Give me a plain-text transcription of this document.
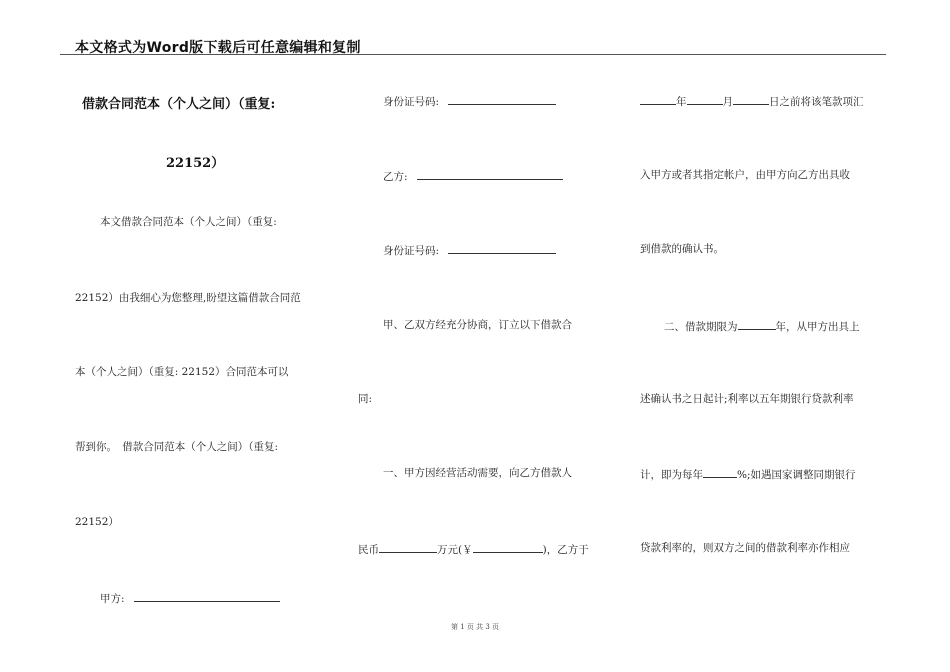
本文格式为Word版下载后可任意编辑和复制
借款合同范本（个人之间）（重复:
22152）
本文借款合同范本（个人之间）（重复:
22152）由我细心为您整理,盼望这篇借款合同范
本（个人之间）（重复: 22152）合同范本可以
帮到你。　借款合同范本（个人之间）（重复:
22152）
甲方:
身份证号码:
乙方:
身份证号码:
甲、乙双方经充分协商，订立以下借款合
同:
一、甲方因经营活动需要，向乙方借款人
民币	万元(￥	)，乙方于
年	月	日之前将该笔款项汇
入甲方或者其指定帐户，由甲方向乙方出具收
到借款的确认书。
二、借款期限为	年，从甲方出具上
述确认书之日起计;利率以五年期银行贷款利率
计，即为每年	%;如遇国家调整同期银行
贷款利率的，则双方之间的借款利率亦作相应
第 1 页 共 3 页
